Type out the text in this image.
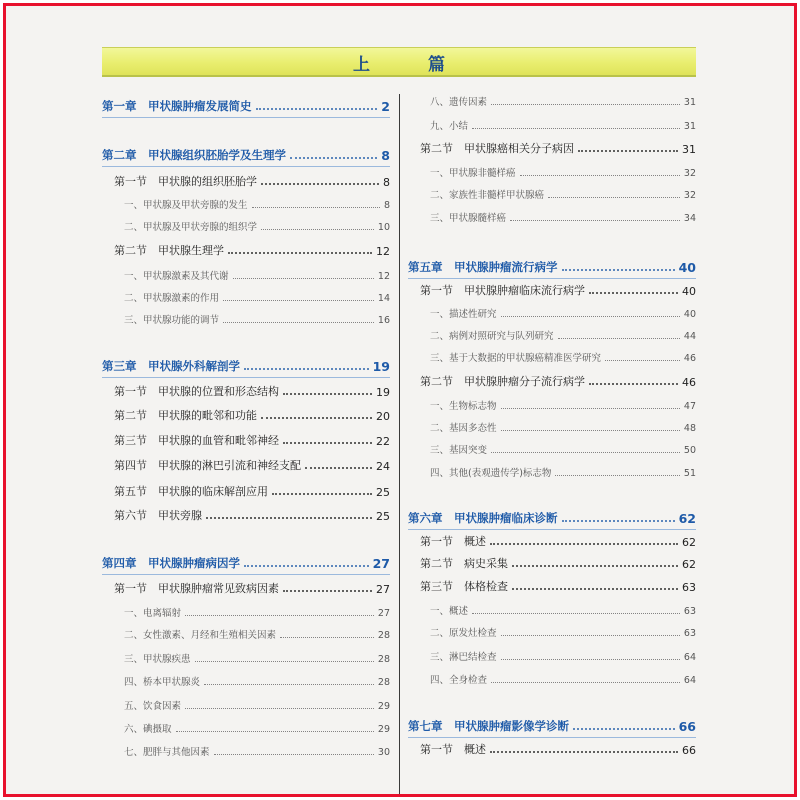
上 篇
第一章　甲状腺肿瘤发展简史	2
第二章　甲状腺组织胚胎学及生理学	8
第一节　甲状腺的组织胚胎学	8
一、甲状腺及甲状旁腺的发生	8
二、甲状腺及甲状旁腺的组织学	10
第二节　甲状腺生理学	12
一、甲状腺激素及其代谢	12
二、甲状腺激素的作用	14
三、甲状腺功能的调节	16
第三章　甲状腺外科解剖学	19
第一节　甲状腺的位置和形态结构	19
第二节　甲状腺的毗邻和功能	20
第三节　甲状腺的血管和毗邻神经	22
第四节　甲状腺的淋巴引流和神经支配	24
第五节　甲状腺的临床解剖应用	25
第六节　甲状旁腺	25
第四章　甲状腺肿瘤病因学	27
第一节　甲状腺肿瘤常见致病因素	27
一、电离辐射	27
二、女性激素、月经和生殖相关因素	28
三、甲状腺疾患	28
四、桥本甲状腺炎	28
五、饮食因素	29
六、碘摄取	29
七、肥胖与其他因素	30
八、遗传因素	31
九、小结	31
第二节　甲状腺癌相关分子病因	31
一、甲状腺非髓样癌	32
二、家族性非髓样甲状腺癌	32
三、甲状腺髓样癌	34
第五章　甲状腺肿瘤流行病学	40
第一节　甲状腺肿瘤临床流行病学	40
一、描述性研究	40
二、病例对照研究与队列研究	44
三、基于大数据的甲状腺癌精准医学研究	46
第二节　甲状腺肿瘤分子流行病学	46
一、生物标志物	47
二、基因多态性	48
三、基因突变	50
四、其他(表观遗传学)标志物	51
第六章　甲状腺肿瘤临床诊断	62
第一节　概述	62
第二节　病史采集	62
第三节　体格检查	63
一、概述	63
二、原发灶检查	63
三、淋巴结检查	64
四、全身检查	64
第七章　甲状腺肿瘤影像学诊断	66
第一节　概述	66
